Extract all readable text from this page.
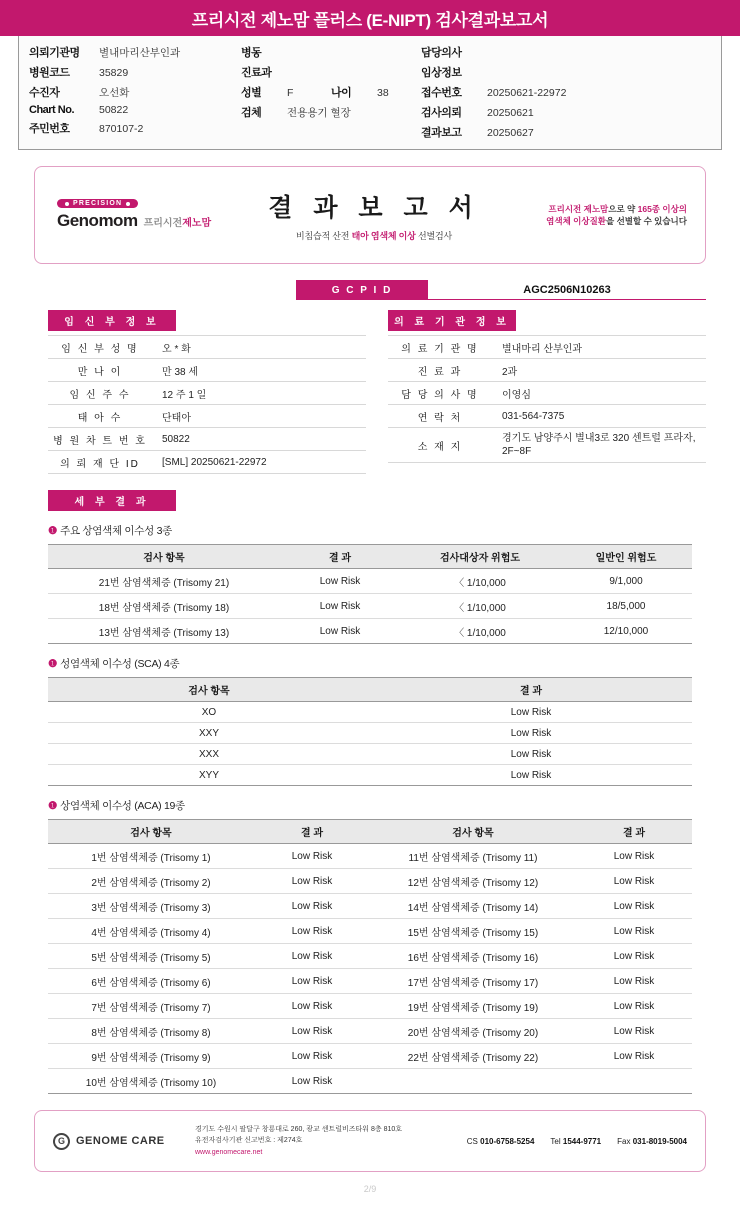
프리시전 제노맘 플러스 (E-NIPT) 검사결과보고서
의뢰기관명	별내마리산부인과
병원코드	35829
수진자	오선화
Chart No.	50822
주민번호	870107-2
병동
진료과
성별	F	나이	38
검체	전용용기 혈장
담당의사
임상정보
접수번호	20250621-22972
검사의뢰	20250621
결과보고	20250627
PRECISION
Genomom 프리시전제노맘
결 과 보 고 서
비침습적 산전 태아 염색체 이상 선별검사
프리시전 제노맘으로 약 165종 이상의
염색체 이상질환을 선별할 수 있습니다
G C P I D	AGC2506N10263
임 신 부 정 보
임 신 부 성 명	오 * 화
만 나 이	만 38 세
임 신 주 수	12 주 1 일
태 아 수	단태아
병 원 차 트 번 호	50822
의 뢰 재 단 ID	[SML] 20250621-22972
의 료 기 관 정 보
의 료 기 관 명	별내마리 산부인과
진 료 과	2과
담 당 의 사 명	이영심
연 락 처	031-564-7375
소 재 지	경기도 남양주시 별내3로 320 센트럴 프라자, 2F~8F
세 부 결 과
❶ 주요 상염색체 이수성 3종
검사 항목	결 과	검사대상자 위험도	일반인 위험도
21번 삼염색체증 (Trisomy 21)	Low Risk	〈 1/10,000	9/1,000
18번 삼염색체증 (Trisomy 18)	Low Risk	〈 1/10,000	18/5,000
13번 삼염색체증 (Trisomy 13)	Low Risk	〈 1/10,000	12/10,000
❶ 성염색체 이수성 (SCA) 4종
검사 항목	결 과
XO	Low Risk
XXY	Low Risk
XXX	Low Risk
XYY	Low Risk
❶ 상염색체 이수성 (ACA) 19종
검사 항목	결 과	검사 항목	결 과
1번 삼염색체증 (Trisomy 1)	Low Risk	11번 삼염색체증 (Trisomy 11)	Low Risk
2번 삼염색체증 (Trisomy 2)	Low Risk	12번 삼염색체증 (Trisomy 12)	Low Risk
3번 삼염색체증 (Trisomy 3)	Low Risk	14번 삼염색체증 (Trisomy 14)	Low Risk
4번 삼염색체증 (Trisomy 4)	Low Risk	15번 삼염색체증 (Trisomy 15)	Low Risk
5번 삼염색체증 (Trisomy 5)	Low Risk	16번 삼염색체증 (Trisomy 16)	Low Risk
6번 삼염색체증 (Trisomy 6)	Low Risk	17번 삼염색체증 (Trisomy 17)	Low Risk
7번 삼염색체증 (Trisomy 7)	Low Risk	19번 삼염색체증 (Trisomy 19)	Low Risk
8번 삼염색체증 (Trisomy 8)	Low Risk	20번 삼염색체증 (Trisomy 20)	Low Risk
9번 삼염색체증 (Trisomy 9)	Low Risk	22번 삼염색체증 (Trisomy 22)	Low Risk
10번 삼염색체증 (Trisomy 10)	Low Risk		
G	GENOME CARE
경기도 수원시 팔달구 창룡대로 260, 광교 센트럴비즈타워 8층 810호
유전자검사기관 신고번호 : 제274호
www.genomecare.net
CS 010-6758-5254 Tel 1544-9771 Fax 031-8019-5004
2/9
